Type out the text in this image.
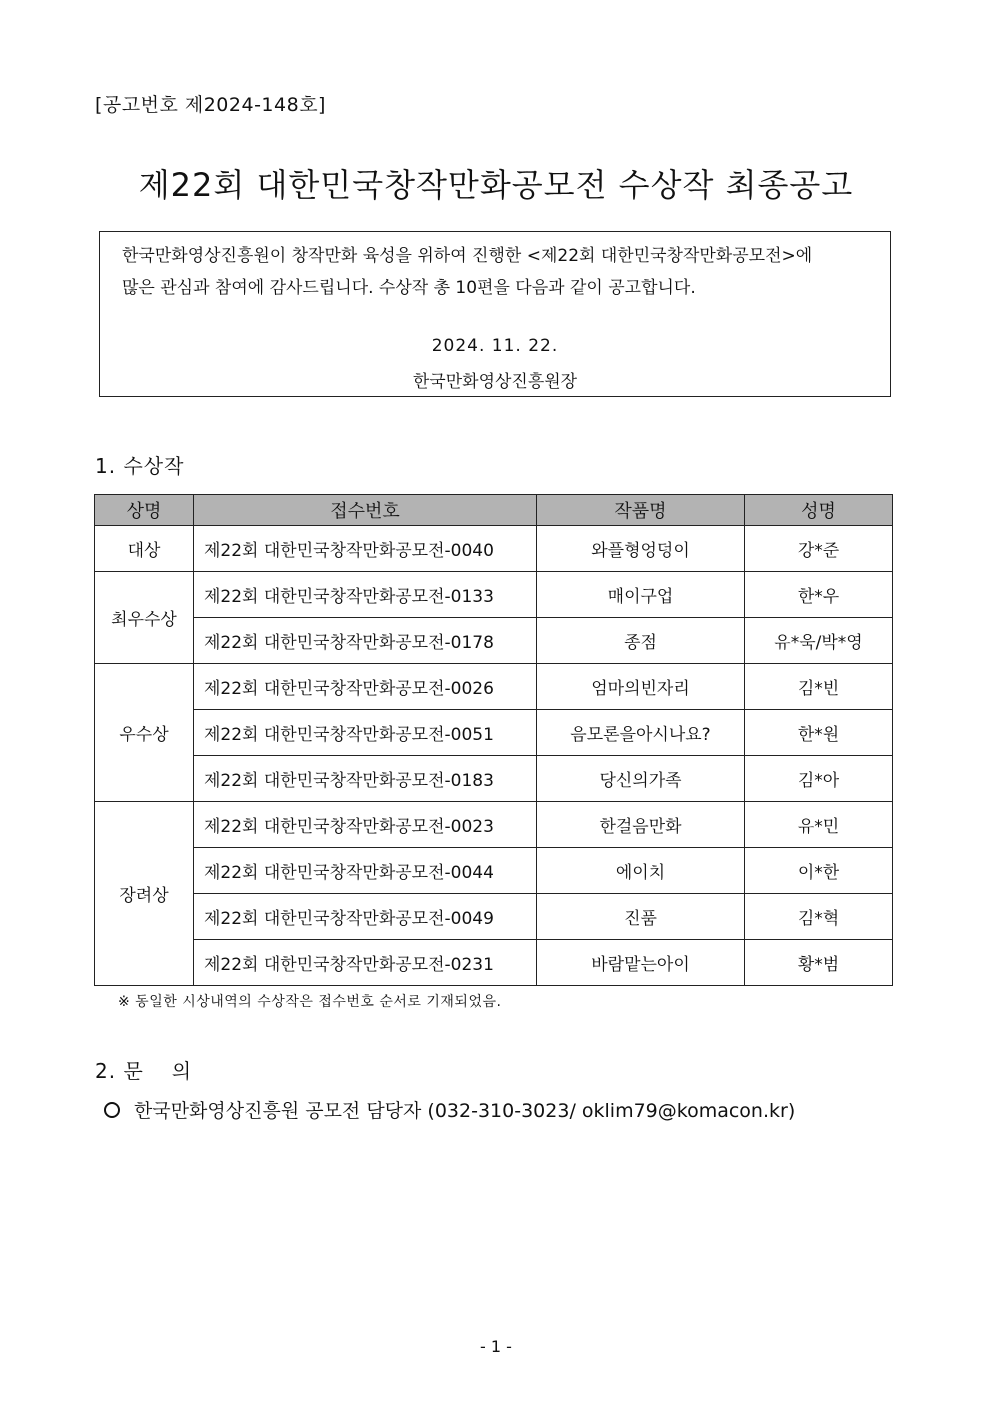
[공고번호 제2024-148호]
제22회 대한민국창작만화공모전 수상작 최종공고
한국만화영상진흥원이 창작만화 육성을 위하여 진행한 <제22회 대한민국창작만화공모전>에
많은 관심과 참여에 감사드립니다. 수상작 총 10편을 다음과 같이 공고합니다.
2024. 11. 22.
한국만화영상진흥원장
1. 수상작
상명	접수번호	작품명	성명
대상	제22회 대한민국창작만화공모전-0040	와플형엉덩이	강*준
최우수상	제22회 대한민국창작만화공모전-0133	매이구업	한*우
	제22회 대한민국창작만화공모전-0178	종점	유*욱/박*영
우수상	제22회 대한민국창작만화공모전-0026	엄마의빈자리	김*빈
	제22회 대한민국창작만화공모전-0051	음모론을아시나요?	한*원
	제22회 대한민국창작만화공모전-0183	당신의가족	김*아
장려상	제22회 대한민국창작만화공모전-0023	한걸음만화	유*민
	제22회 대한민국창작만화공모전-0044	에이치	이*한
	제22회 대한민국창작만화공모전-0049	진품	김*혁
	제22회 대한민국창작만화공모전-0231	바람맡는아이	황*범
※ 동일한 시상내역의 수상작은 접수번호 순서로 기재되었음.
2. 문 의
한국만화영상진흥원 공모전 담당자 (032-310-3023/ oklim79@komacon.kr)
- 1 -
